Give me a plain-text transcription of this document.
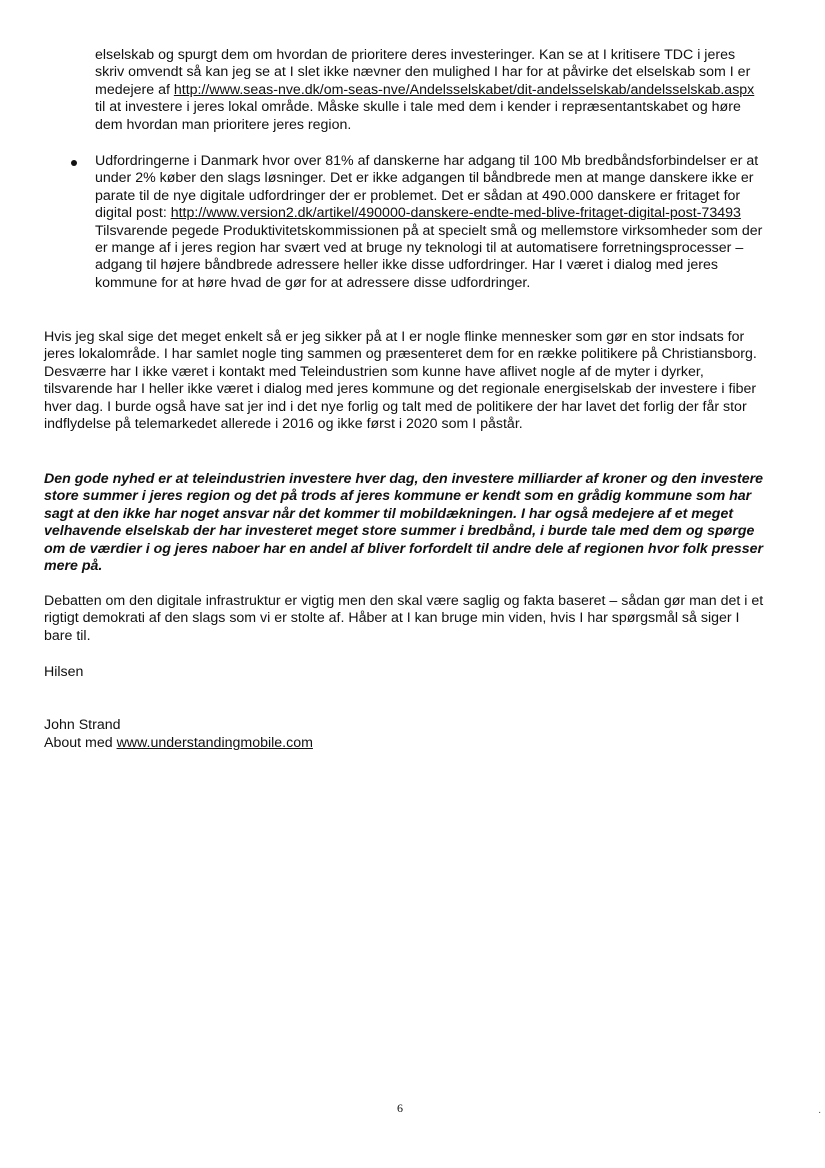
elselskab og spurgt dem om hvordan de prioritere deres investeringer. Kan se at I kritisere TDC i jeres skriv omvendt så kan jeg se at I slet ikke nævner den mulighed I har for at påvirke det elselskab som I er medejere af http://www.seas-nve.dk/om-seas-nve/Andelsselskabet/dit-andelsselskab/andelsselskab.aspx til at investere i jeres lokal område. Måske skulle i tale med dem i kender i repræsentantskabet og høre dem hvordan man prioritere jeres region.

Udfordringerne i Danmark hvor over 81% af danskerne har adgang til 100 Mb bredbåndsforbindelser er at under 2% køber den slags løsninger. Det er ikke adgangen til båndbrede men at mange danskere ikke er parate til de nye digitale udfordringer der er problemet. Det er sådan at 490.000 danskere er fritaget for digital post: http://www.version2.dk/artikel/490000-danskere-endte-med-blive-fritaget-digital-post-73493 Tilsvarende pegede Produktivitetskommissionen på at specielt små og mellemstore virksomheder som der er mange af i jeres region har svært ved at bruge ny teknologi til at automatisere forretningsprocesser – adgang til højere båndbrede adressere heller ikke disse udfordringer. Har I været i dialog med jeres kommune for at høre hvad de gør for at adressere disse udfordringer.

Hvis jeg skal sige det meget enkelt så er jeg sikker på at I er nogle flinke mennesker som gør en stor indsats for jeres lokalområde. I har samlet nogle ting sammen og præsenteret dem for en række politikere på Christiansborg. Desværre har I ikke været i kontakt med Teleindustrien som kunne have aflivet nogle af de myter i dyrker, tilsvarende har I heller ikke været i dialog med jeres kommune og det regionale energiselskab der investere i fiber hver dag. I burde også have sat jer ind i det nye forlig og talt med de politikere der har lavet det forlig der får stor indflydelse på telemarkedet allerede i 2016 og ikke først i 2020 som I påstår.

Den gode nyhed er at teleindustrien investere hver dag, den investere milliarder af kroner og den investere store summer i jeres region og det på trods af jeres kommune er kendt som en grådig kommune som har sagt at den ikke har noget ansvar når det kommer til mobildækningen. I har også medejere af et meget velhavende elselskab der har investeret meget store summer i bredbånd, i burde tale med dem og spørge om de værdier i og jeres naboer har en andel af bliver forfordelt til andre dele af regionen hvor folk presser mere på.

Debatten om den digitale infrastruktur er vigtig men den skal være saglig og fakta baseret – sådan gør man det i et rigtigt demokrati af den slags som vi er stolte af. Håber at I kan bruge min viden, hvis I har spørgsmål så siger I bare til.

Hilsen

John Strand

About med www.understandingmobile.com

6	·
